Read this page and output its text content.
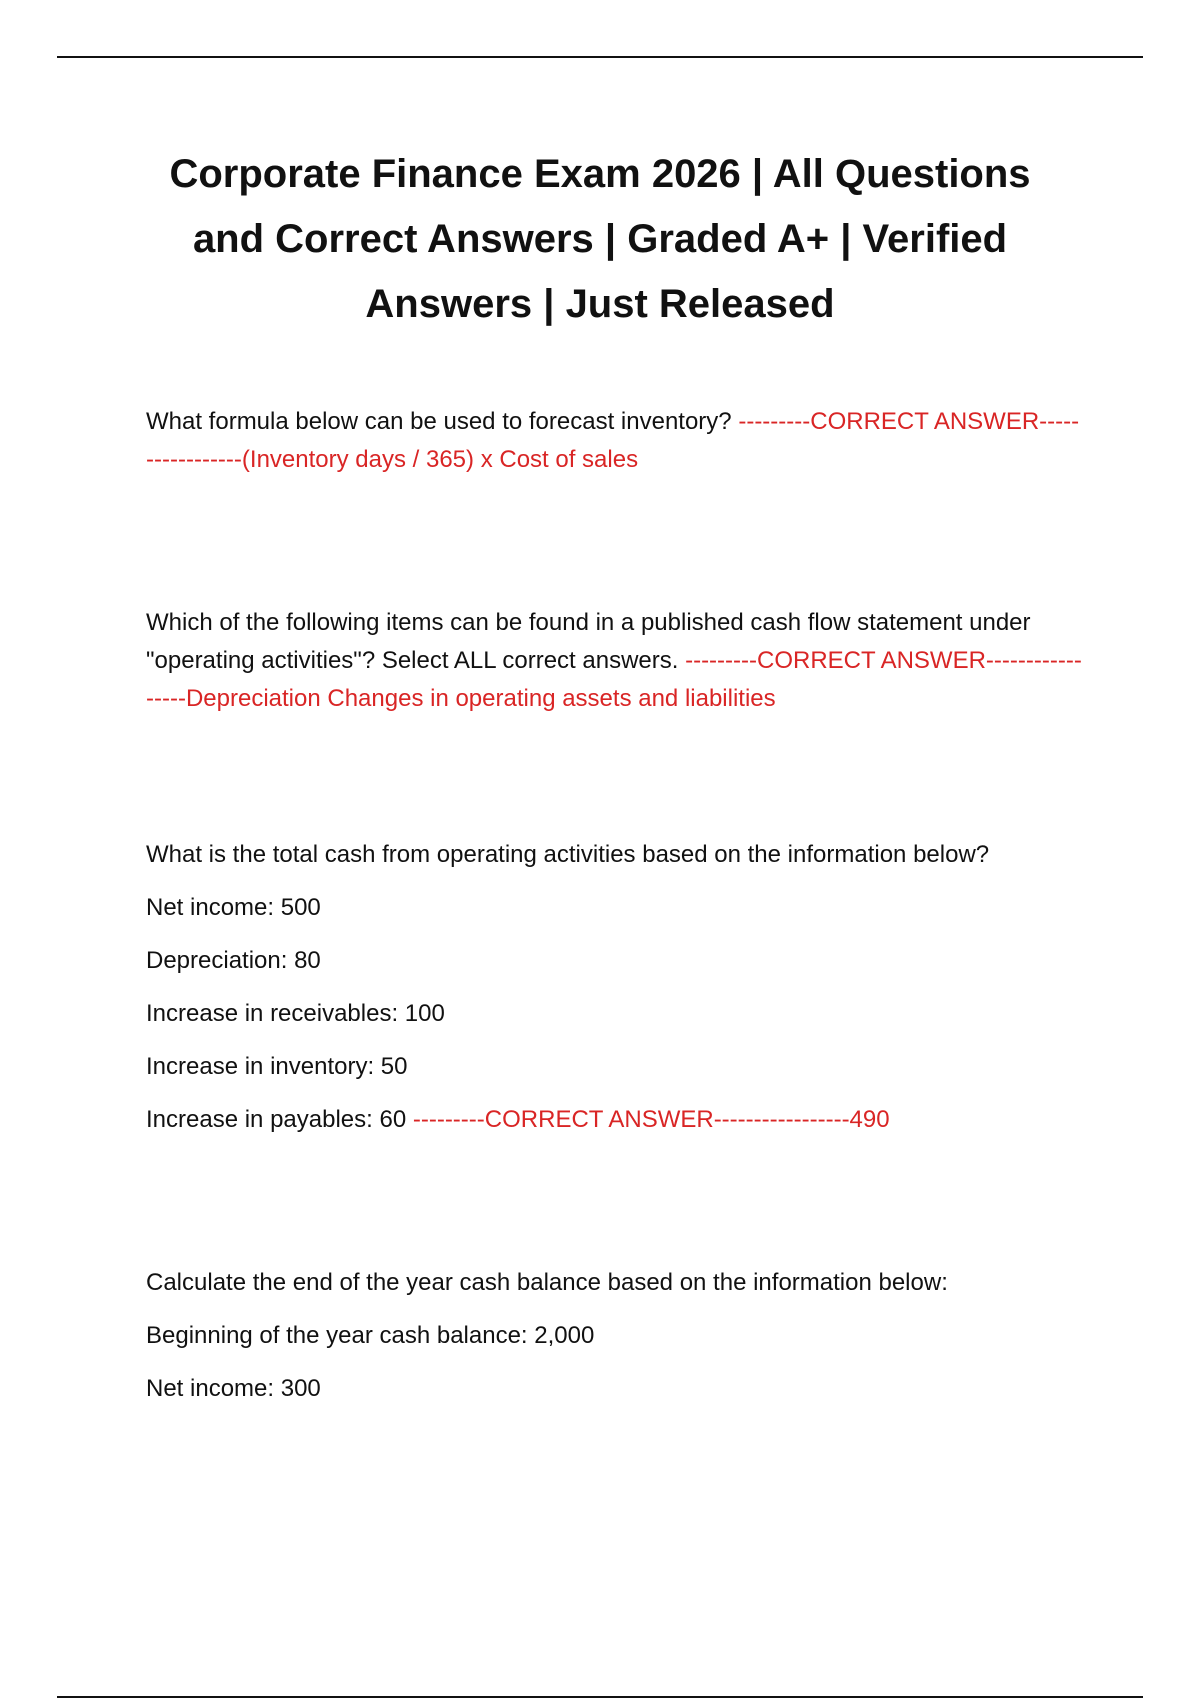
Corporate Finance Exam 2026 | All Questions and Correct Answers | Graded A+ | Verified Answers | Just Released

What formula below can be used to forecast inventory? ---------CORRECT ANSWER-----------------(Inventory days / 365) x Cost of sales

Which of the following items can be found in a published cash flow statement under "operating activities"? Select ALL correct answers. ---------CORRECT ANSWER-----------------Depreciation Changes in operating assets and liabilities

What is the total cash from operating activities based on the information below?

Net income: 500

Depreciation: 80

Increase in receivables: 100

Increase in inventory: 50

Increase in payables: 60 ---------CORRECT ANSWER-----------------490

Calculate the end of the year cash balance based on the information below:

Beginning of the year cash balance: 2,000

Net income: 300
